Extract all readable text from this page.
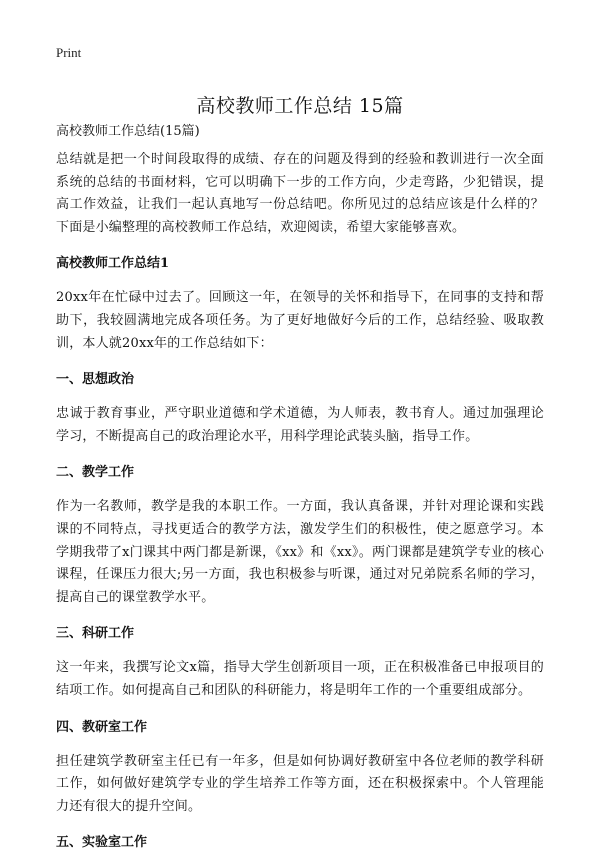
Print
高校教师工作总结 15篇
高校教师工作总结(15篇)

总结就是把一个时间段取得的成绩、存在的问题及得到的经验和教训进行一次全面系统的总结的书面材料，它可以明确下一步的工作方向，少走弯路，少犯错误，提高工作效益，让我们一起认真地写一份总结吧。你所见过的总结应该是什么样的？下面是小编整理的高校教师工作总结，欢迎阅读，希望大家能够喜欢。

高校教师工作总结1

20xx年在忙碌中过去了。回顾这一年，在领导的关怀和指导下，在同事的支持和帮助下，我较圆满地完成各项任务。为了更好地做好今后的工作，总结经验、吸取教训，本人就20xx年的工作总结如下：

一、思想政治

忠诚于教育事业，严守职业道德和学术道德，为人师表，教书育人。通过加强理论学习，不断提高自己的政治理论水平，用科学理论武装头脑，指导工作。

二、教学工作

作为一名教师，教学是我的本职工作。一方面，我认真备课，并针对理论课和实践课的不同特点，寻找更适合的教学方法，激发学生们的积极性，使之愿意学习。本学期我带了x门课其中两门都是新课，《xx》和《xx》。两门课都是建筑学专业的核心课程，任课压力很大;另一方面，我也积极参与听课，通过对兄弟院系名师的学习，提高自己的课堂教学水平。

三、科研工作

这一年来，我撰写论文x篇，指导大学生创新项目一项，正在积极准备已申报项目的结项工作。如何提高自己和团队的科研能力，将是明年工作的一个重要组成部分。

四、教研室工作

担任建筑学教研室主任已有一年多，但是如何协调好教研室中各位老师的教学科研工作，如何做好建筑学专业的学生培养工作等方面，还在积极探索中。个人管理能力还有很大的提升空间。

五、实验室工作
